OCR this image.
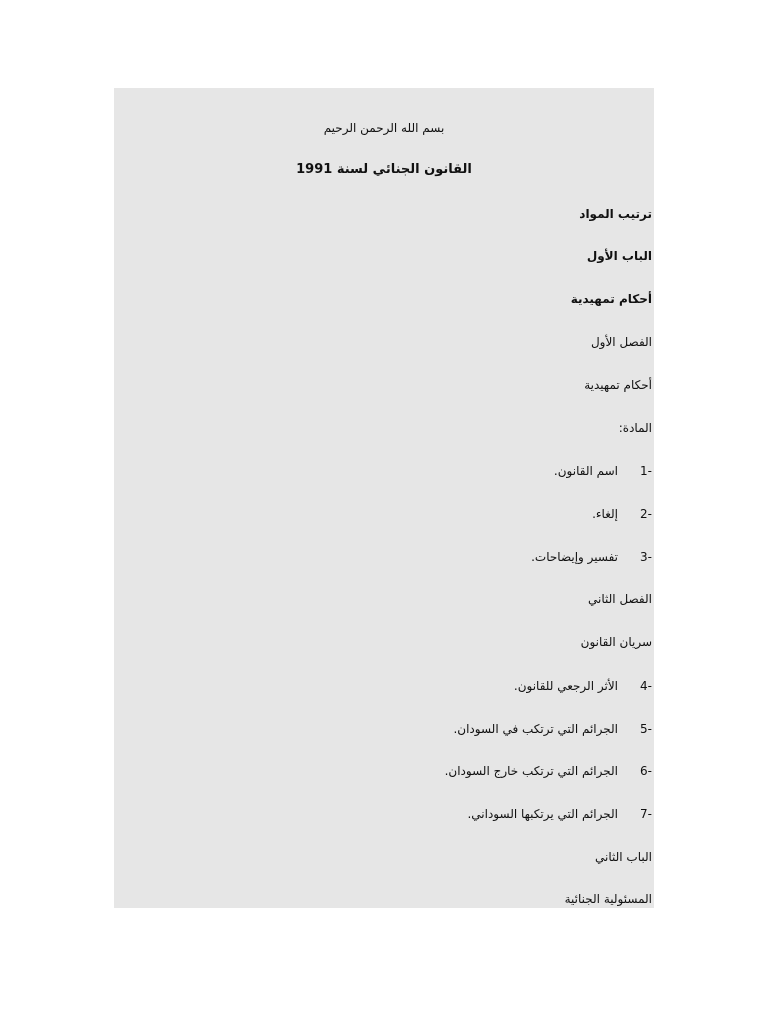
بسم الله الرحمن الرحيم

القانون الجنائي لسنة 1991

ترتيب المواد

الباب الأول

أحكام تمهيدية

الفصل الأول

أحكام تمهيدية

المادة:

-1
اسم القانون.
-2
إلغاء.
-3
تفسير وإيضاحات.

الفصل الثاني

سريان القانون

-4
الأثر الرجعي للقانون.
-5
الجرائم التي ترتكب في السودان.
-6
الجرائم التي ترتكب خارج السودان.
-7
الجرائم التي يرتكبها السوداني.

الباب الثاني

المسئولية الجنائية
